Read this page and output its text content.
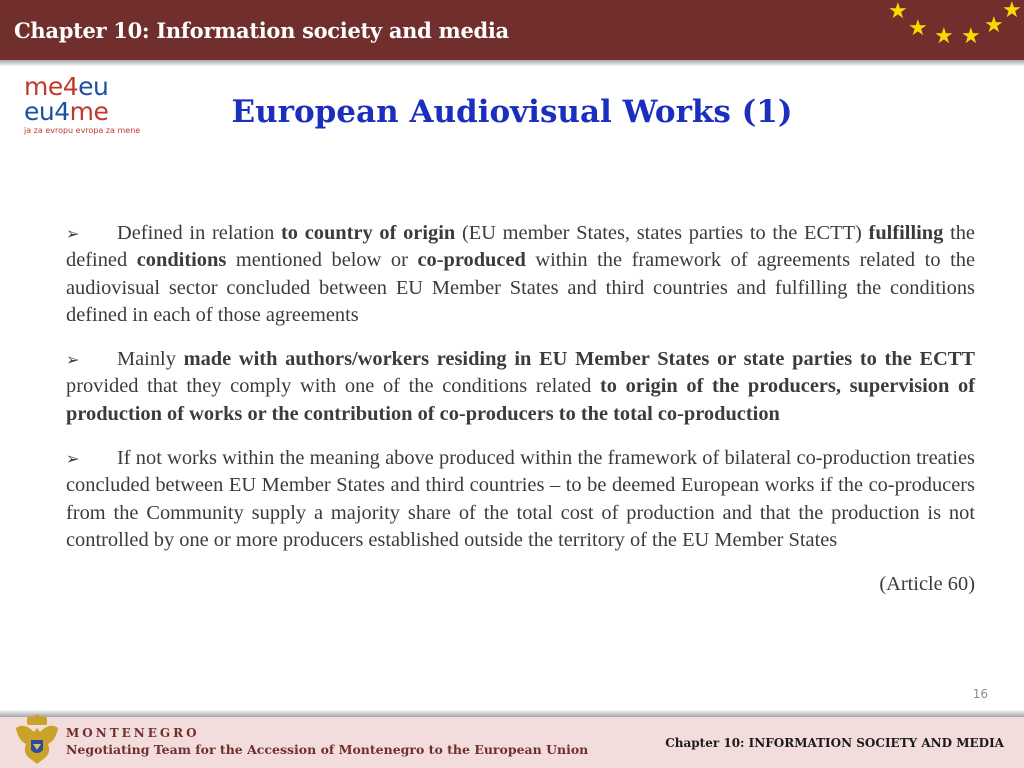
Chapter 10: Information society and media
★
★ ★ ★ ★
★
me4eu
eu4me
ja za evropu evropa za mene
European Audiovisual Works (1)

➢ Defined in relation to country of origin (EU member States, states parties to the ECTT) fulfilling the defined conditions mentioned below or co-produced within the framework of agreements related to the audiovisual sector concluded between EU Member States and third countries and fulfilling the conditions defined in each of those agreements

➢ Mainly made with authors/workers residing in EU Member States or state parties to the ECTT provided that they comply with one of the conditions related to origin of the producers, supervision of production of works or the contribution of co-producers to the total co-production

➢ If not works within the meaning above produced within the framework of bilateral co-production treaties concluded between EU Member States and third countries – to be deemed European works if the co-producers from the Community supply a majority share of the total cost of production and that the production is not controlled by one or more producers established outside the territory of the EU Member States

(Article 60)
16
MONTENEGRO
Negotiating Team for the Accession of Montenegro to the European Union	Chapter 10: INFORMATION SOCIETY AND MEDIA
